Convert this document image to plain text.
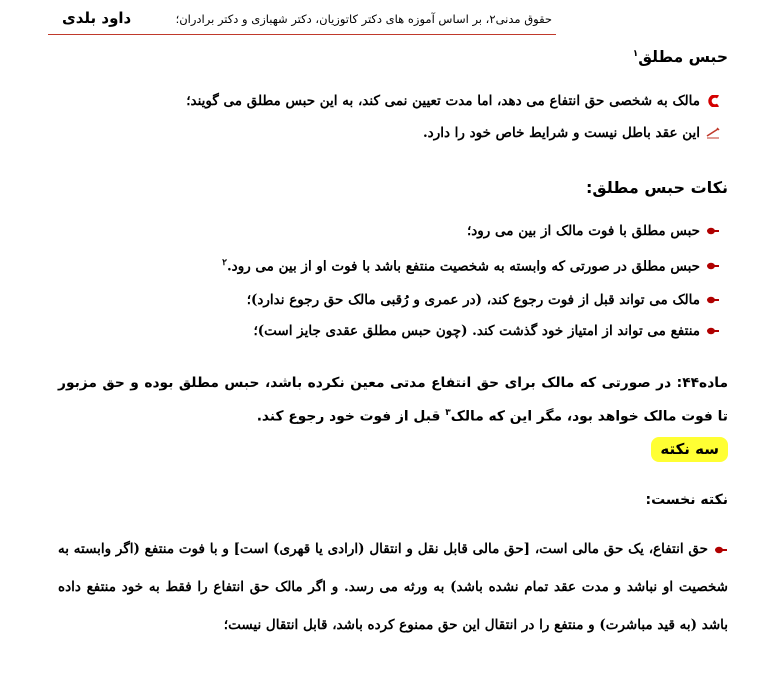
داود بلدی	حقوق مدنی۲، بر اساس آموزه های دکتر کاتوزیان، دکتر شهبازی و دکتر برادران؛
حبس مطلق$^۱$
مالک به شخصی حق انتفاع می دهد، اما مدت تعیین نمی کند، به این حبس مطلق می گویند؛
این عقد باطل نیست و شرایط خاص خود را دارد.
نکات حبس مطلق:
حبس مطلق با فوت مالک از بین می رود؛
حبس مطلق در صورتی که وابسته به شخصیت منتفع باشد با فوت او از بین می رود.$^۲$
مالک می تواند قبل از فوت رجوع کند، (در عمری و رُقبی مالک حق رجوع ندارد)؛
منتفع می تواند از امتیاز خود گذشت کند. (چون حبس مطلق عقدی جایز است)؛
ماده۴۴: در صورتی که مالک برای حق انتفاع مدتی معین نکرده باشد، حبس مطلق بوده و حق مزبور تا فوت مالک خواهد بود، مگر این که مالک$^۳$ قبل از فوت خود رجوع کند.
سه نکته
نکته نخست:
حق انتفاع، یک حق مالی است، [حق مالی قابل نقل و انتقال (ارادی یا قهری) است] و با فوت منتفع (اگر وابسته به شخصیت او نباشد و مدت عقد تمام نشده باشد) به ورثه می رسد. و اگر مالک حق انتفاع را فقط به خود منتفع داده باشد (به قید مباشرت) و منتفع را در انتقال این حق ممنوع کرده باشد، قابل انتقال نیست؛
